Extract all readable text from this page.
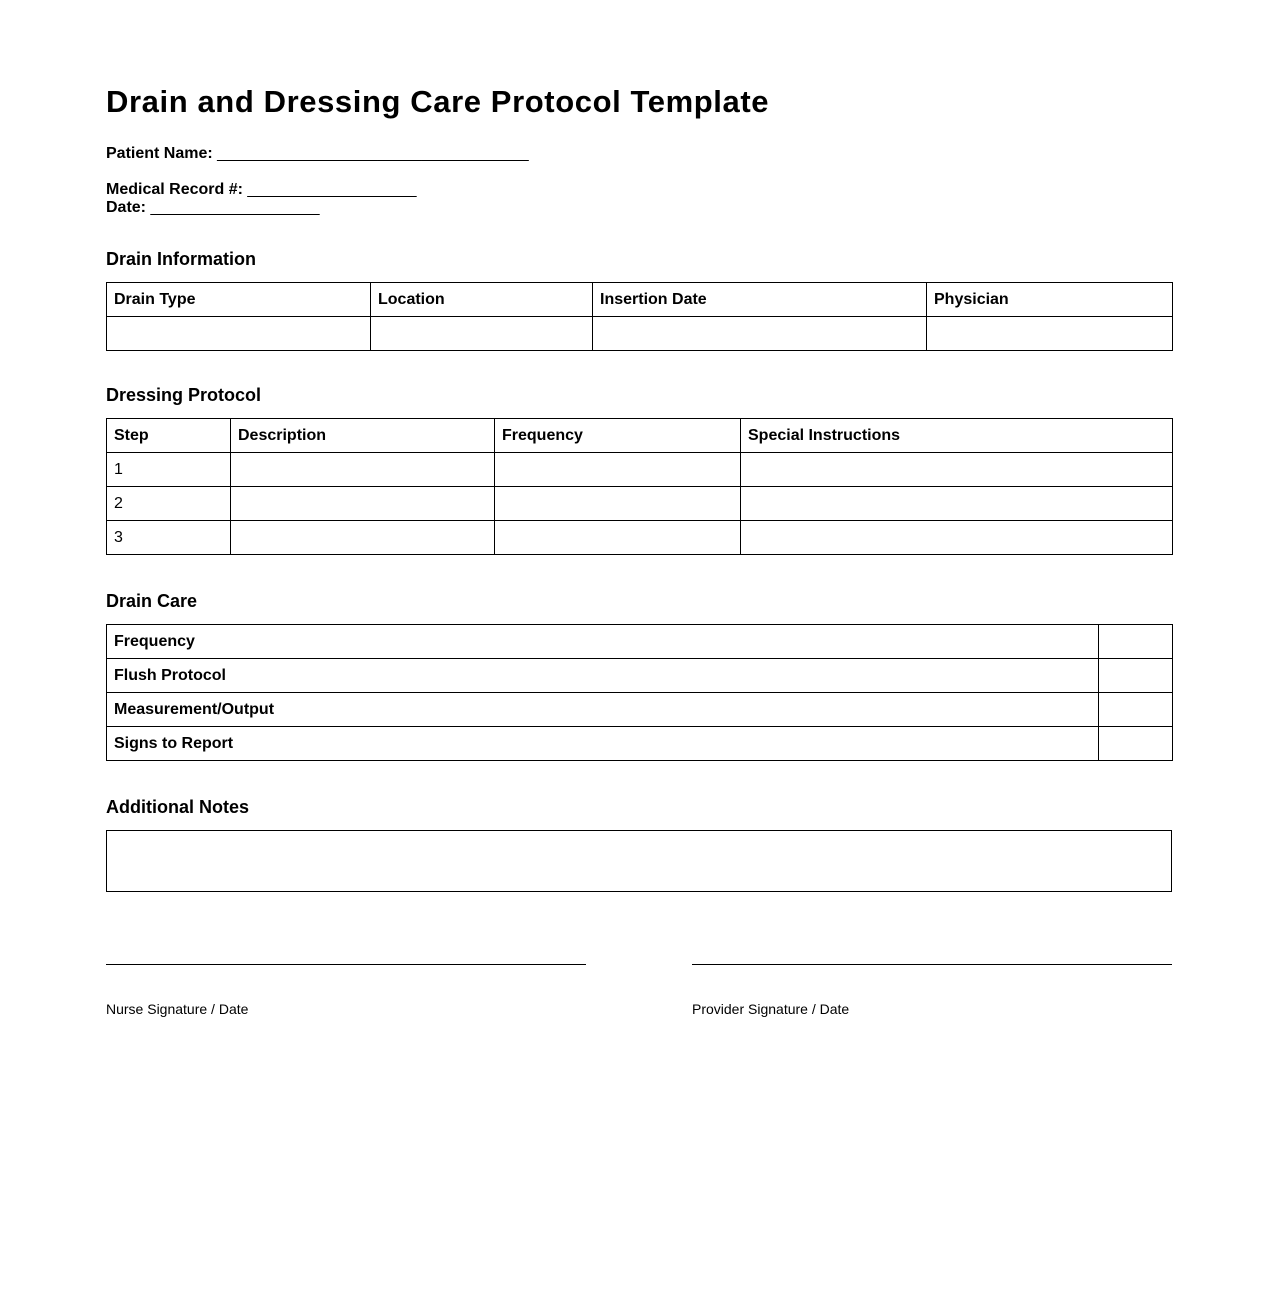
Drain and Dressing Care Protocol Template
Patient Name: ___________________________________
Medical Record #: ___________________
Date: ___________________
Drain Information
Drain Type	Location	Insertion Date	Physician

Dressing Protocol
Step	Description	Frequency	Special Instructions
1			
2			
3			
Drain Care
Frequency	
Flush Protocol	
Measurement/Output	
Signs to Report	
Additional Notes
Nurse Signature / Date	Provider Signature / Date
